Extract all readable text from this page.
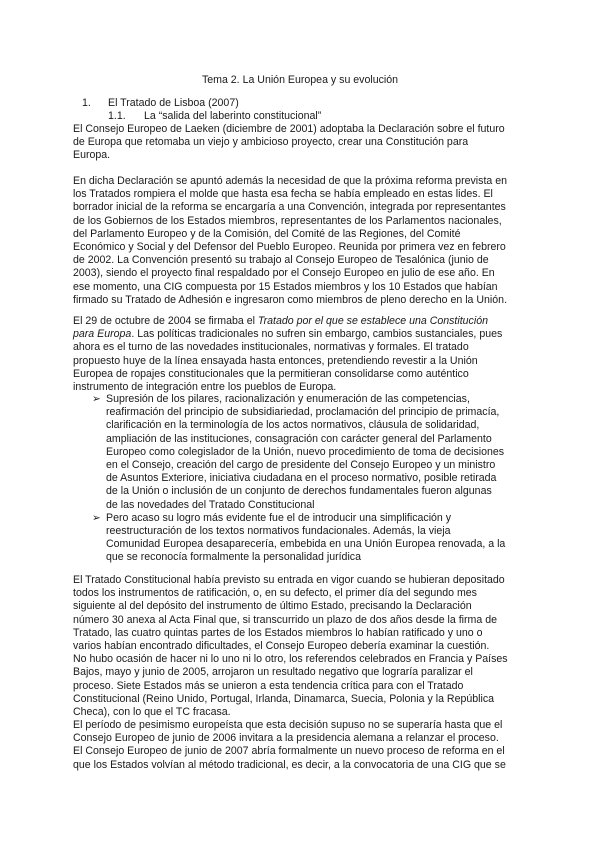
Tema 2. La Unión Europea y su evolución
1. El Tratado de Lisboa (2007)
1.1. La “salida del laberinto constitucional”
El Consejo Europeo de Laeken (diciembre de 2001) adoptaba la Declaración sobre el futuro
de Europa que retomaba un viejo y ambicioso proyecto, crear una Constitución para
Europa.
En dicha Declaración se apuntó además la necesidad de que la próxima reforma prevista en
los Tratados rompiera el molde que hasta esa fecha se había empleado en estas lides. El
borrador inicial de la reforma se encargaría a una Convención, integrada por representantes
de los Gobiernos de los Estados miembros, representantes de los Parlamentos nacionales,
del Parlamento Europeo y de la Comisión, del Comité de las Regiones, del Comité
Económico y Social y del Defensor del Pueblo Europeo. Reunida por primera vez en febrero
de 2002. La Convención presentó su trabajo al Consejo Europeo de Tesalónica (junio de
2003), siendo el proyecto final respaldado por el Consejo Europeo en julio de ese año. En
ese momento, una CIG compuesta por 15 Estados miembros y los 10 Estados que habían
firmado su Tratado de Adhesión e ingresaron como miembros de pleno derecho en la Unión.
El 29 de octubre de 2004 se firmaba el Tratado por el que se establece una Constitución
para Europa. Las políticas tradicionales no sufren sin embargo, cambios sustanciales, pues
ahora es el turno de las novedades institucionales, normativas y formales. El tratado
propuesto huye de la línea ensayada hasta entonces, pretendiendo revestir a la Unión
Europea de ropajes constitucionales que la permitieran consolidarse como auténtico
instrumento de integración entre los pueblos de Europa.
➢ Supresión de los pilares, racionalización y enumeración de las competencias,
reafirmación del principio de subsidiariedad, proclamación del principio de primacía,
clarificación en la terminología de los actos normativos, cláusula de solidaridad,
ampliación de las instituciones, consagración con carácter general del Parlamento
Europeo como colegislador de la Unión, nuevo procedimiento de toma de decisiones
en el Consejo, creación del cargo de presidente del Consejo Europeo y un ministro
de Asuntos Exteriore, iniciativa ciudadana en el proceso normativo, posible retirada
de la Unión o inclusión de un conjunto de derechos fundamentales fueron algunas
de las novedades del Tratado Constitucional
➢ Pero acaso su logro más evidente fue el de introducir una simplificación y
reestructuración de los textos normativos fundacionales. Además, la vieja
Comunidad Europea desaparecería, embebida en una Unión Europea renovada, a la
que se reconocía formalmente la personalidad jurídica
El Tratado Constitucional había previsto su entrada en vigor cuando se hubieran depositado
todos los instrumentos de ratificación, o, en su defecto, el primer día del segundo mes
siguiente al del depósito del instrumento de último Estado, precisando la Declaración
número 30 anexa al Acta Final que, si transcurrido un plazo de dos años desde la firma de
Tratado, las cuatro quintas partes de los Estados miembros lo habían ratificado y uno o
varios habían encontrado dificultades, el Consejo Europeo debería examinar la cuestión.
No hubo ocasión de hacer ni lo uno ni lo otro, los referendos celebrados en Francia y Países
Bajos, mayo y junio de 2005, arrojaron un resultado negativo que lograría paralizar el
proceso. Siete Estados más se unieron a esta tendencia crítica para con el Tratado
Constitucional (Reino Unido, Portugal, Irlanda, Dinamarca, Suecia, Polonia y la República
Checa), con lo que el TC fracasa.
El período de pesimismo europeísta que esta decisión supuso no se superaría hasta que el
Consejo Europeo de junio de 2006 invitara a la presidencia alemana a relanzar el proceso.
El Consejo Europeo de junio de 2007 abría formalmente un nuevo proceso de reforma en el
que los Estados volvían al método tradicional, es decir, a la convocatoria de una CIG que se
